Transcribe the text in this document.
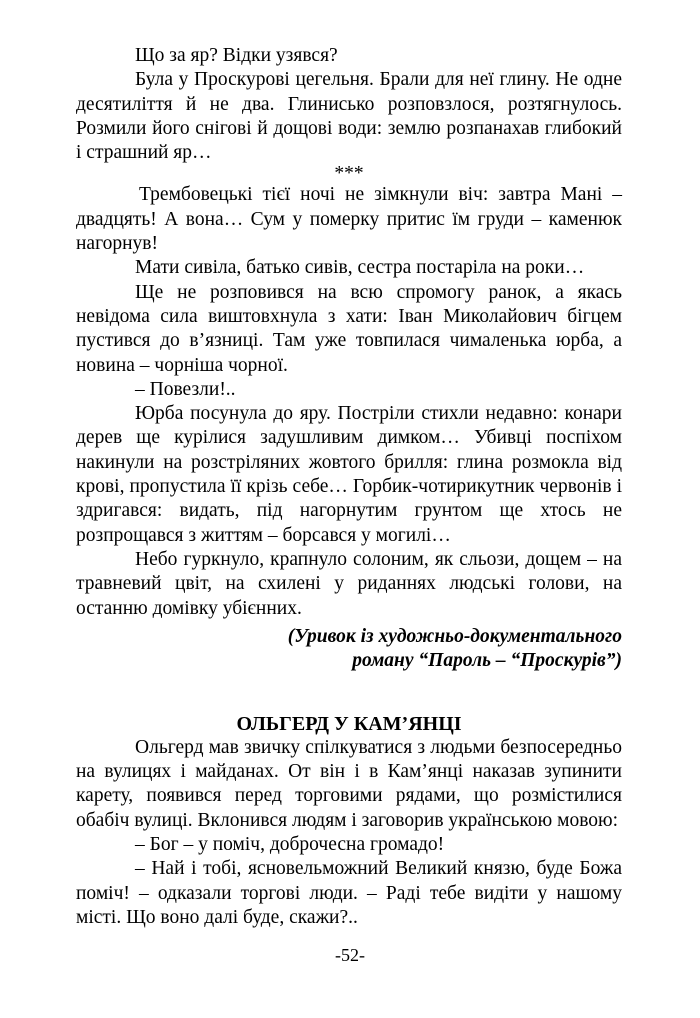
Що за яр? Відки узявся?

Була у Проскурові цегельня. Брали для неї глину. Не одне десятиліття й не два. Глинисько розповзлося, розтягнулось. Розмили його снігові й дощові води: землю розпанахав глибокий і страшний яр…

***

Трембовецькі тієї ночі не зімкнули віч: завтра Мані – двадцять! А вона… Сум у померку притис їм груди – каменюк нагорнув!

Мати сивіла, батько сивів, сестра постаріла на роки…

Ще не розповився на всю спромогу ранок, а якась невідома сила виштовхнула з хати: Іван Миколайович бігцем пустився до в’язниці. Там уже товпилася чималенька юрба, а новина – чорніша чорної.

– Повезли!..

Юрба посунула до яру. Постріли стихли недавно: конари дерев ще курілися задушливим димком… Убивці поспіхом накинули на розстріляних жовтого брилля: глина розмокла від крові, пропустила її крізь себе… Горбик-чотирикутник червонів і здригався: видать, під нагорнутим грунтом ще хтось не розпрощався з життям – борсався у могилі…

Небо гуркнуло, крапнуло солоним, як сльози, дощем – на травневий цвіт, на схилені у риданнях людські голови, на останню домівку убієнних.

(Уривок із художньо-документального
роману “Пароль – “Проскурів”)
ОЛЬГЕРД У КАМ’ЯНЦІ

Ольгерд мав звичку спілкуватися з людьми безпосередньо на вулицях і майданах. От він і в Кам’янці наказав зупинити карету, появився перед торговими рядами, що розмістилися обабіч вулиці. Вклонився людям і заговорив українською мовою:

– Бог – у поміч, доброчесна громадо!

– Най і тобі, ясновельможний Великий князю, буде Божа поміч! – одказали торгові люди. – Раді тебе видіти у нашому місті. Що воно далі буде, скажи?..

-52-
